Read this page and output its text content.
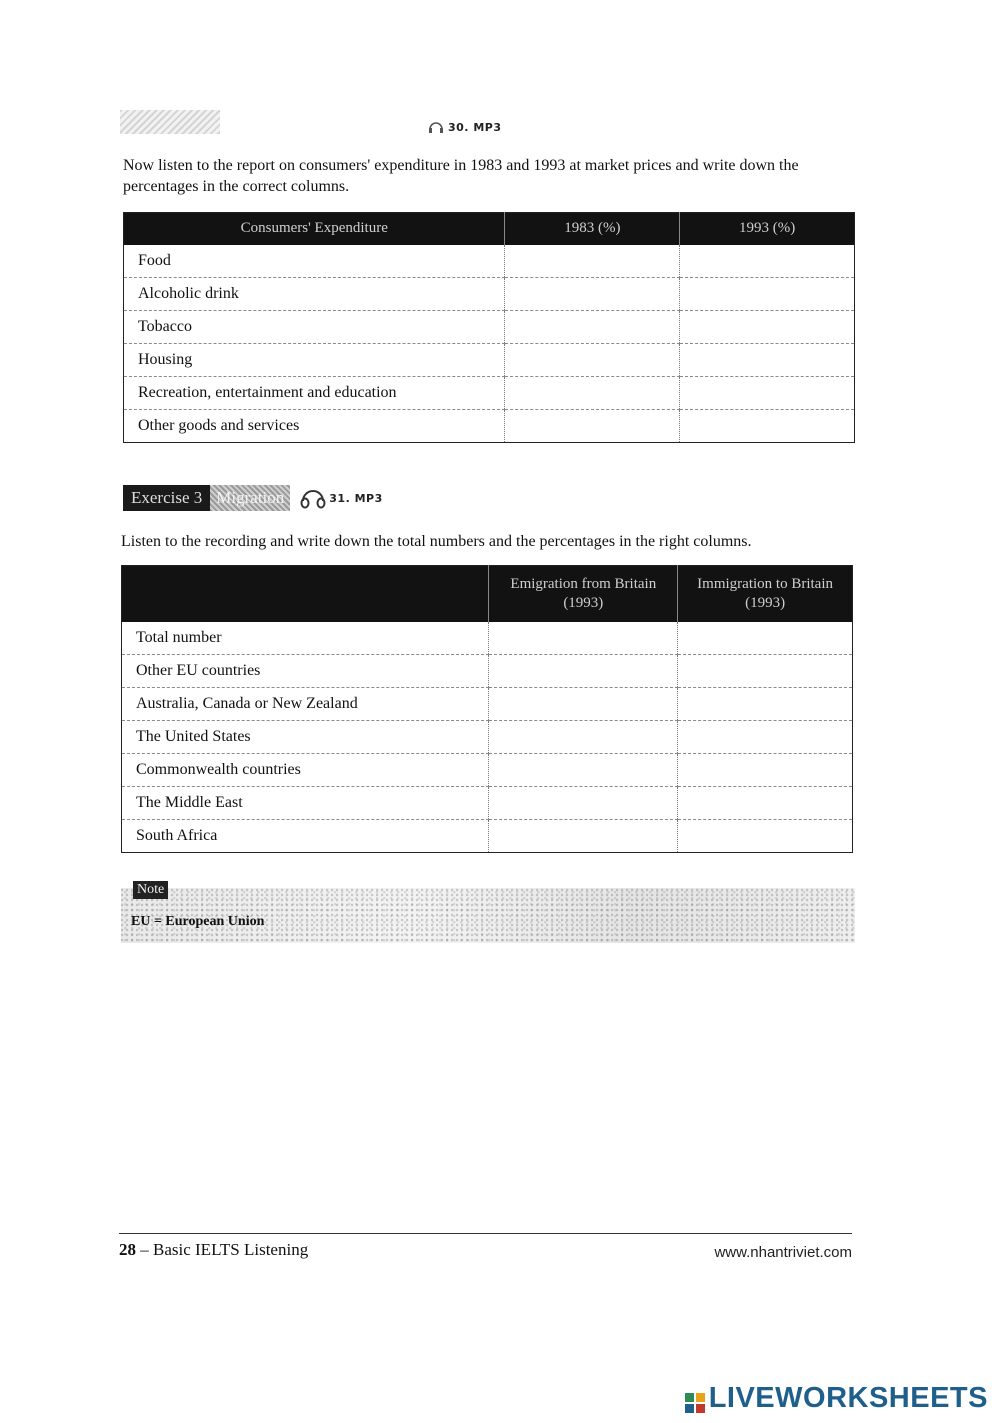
30. MP3
Now listen to the report on consumers' expenditure in 1983 and 1993 at market prices and write down the percentages in the correct columns.
Consumers' Expenditure	1983 (%)	1993 (%)
Food		
Alcoholic drink		
Tobacco		
Housing		
Recreation, entertainment and education		
Other goods and services		
Exercise 3 Migration	31. MP3
Listen to the recording and write down the total numbers and the percentages in the right columns.
	Emigration from Britain (1993)	Immigration to Britain (1993)
Total number		
Other EU countries		
Australia, Canada or New Zealand		
The United States		
Commonwealth countries		
The Middle East		
South Africa		
Note
EU = European Union
28 – Basic IELTS Listening	www.nhantriviet.com
LIVEWORKSHEETS
